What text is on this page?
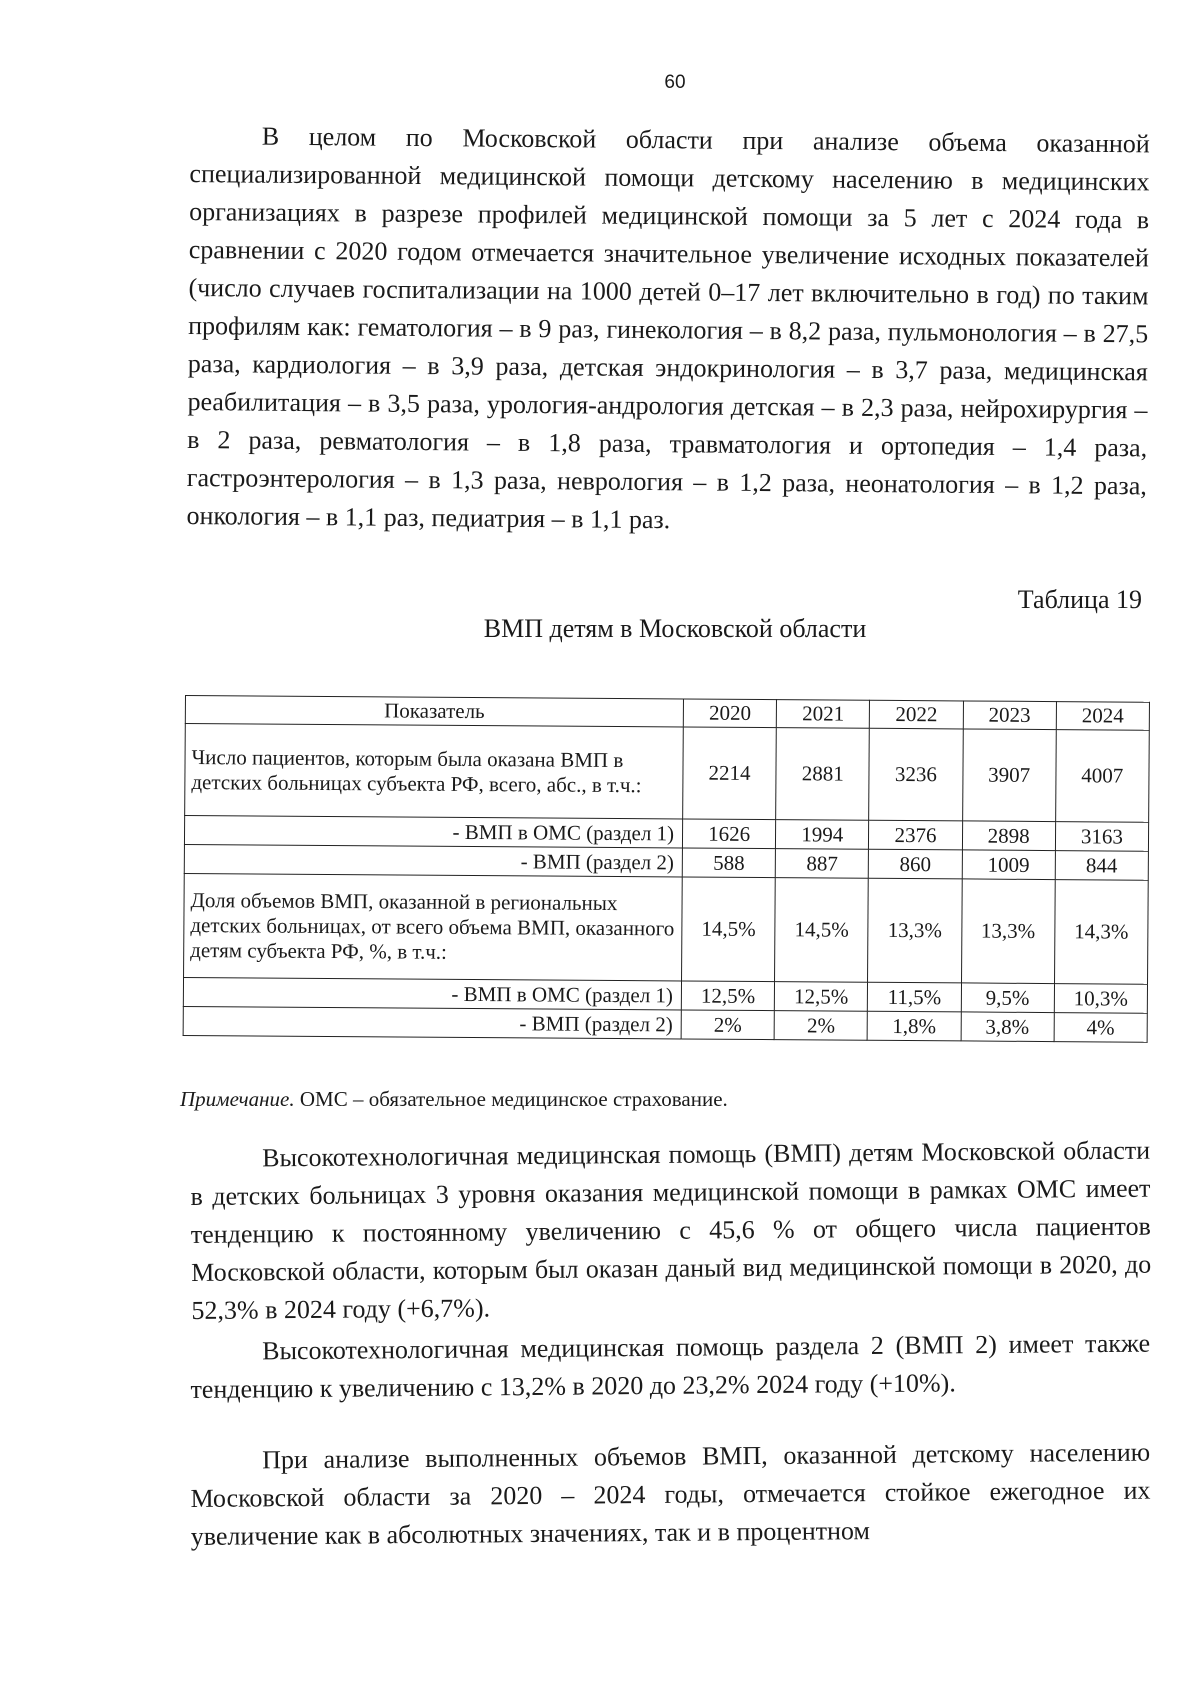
60

В целом по Московской области при анализе объема оказанной специализированной медицинской помощи детскому населению в медицинских организациях в разрезе профилей медицинской помощи за 5 лет с 2024 года в сравнении с 2020 годом отмечается значительное увеличение исходных показателей (число случаев госпитализации на 1000 детей 0–17 лет включительно в год) по таким профилям как: гематология – в 9 раз, гинекология – в 8,2 раза, пульмонология – в 27,5 раза, кардиология – в 3,9 раза, детская эндокринология – в 3,7 раза, медицинская реабилитация – в 3,5 раза, урология-андрология детская – в 2,3 раза, нейрохирургия – в 2 раза, ревматология – в 1,8 раза, травматология и ортопедия – 1,4 раза, гастроэнтерология – в 1,3 раза, неврология – в 1,2 раза, неонатология – в 1,2 раза, онкология – в 1,1 раз, педиатрия – в 1,1 раз.

Таблица 19
ВМП детям в Московской области
Показатель	2020	2021	2022	2023	2024
Число пациентов, которым была оказана ВМП в детских больницах субъекта РФ, всего, абс., в т.ч.:	2214	2881	3236	3907	4007
- ВМП в ОМС (раздел 1)	1626	1994	2376	2898	3163
- ВМП (раздел 2)	588	887	860	1009	844
Доля объемов ВМП, оказанной в региональных детских больницах, от всего объема ВМП, оказанного детям субъекта РФ, %, в т.ч.:	14,5%	14,5%	13,3%	13,3%	14,3%
- ВМП в ОМС (раздел 1)	12,5%	12,5%	11,5%	9,5%	10,3%
- ВМП (раздел 2)	2%	2%	1,8%	3,8%	4%
Примечание. ОМС – обязательное медицинское страхование.

Высокотехнологичная медицинская помощь (ВМП) детям Московской области в детских больницах 3 уровня оказания медицинской помощи в рамках ОМС имеет тенденцию к постоянному увеличению с 45,6 % от общего числа пациентов Московской области, которым был оказан даный вид медицинской помощи в 2020, до 52,3% в 2024 году (+6,7%).

Высокотехнологичная медицинская помощь раздела 2 (ВМП 2) имеет также тенденцию к увеличению с 13,2% в 2020 до 23,2% 2024 году (+10%).

При анализе выполненных объемов ВМП, оказанной детскому населению Московской области за 2020 – 2024 годы, отмечается стойкое ежегодное их увеличение как в абсолютных значениях, так и в процентном
